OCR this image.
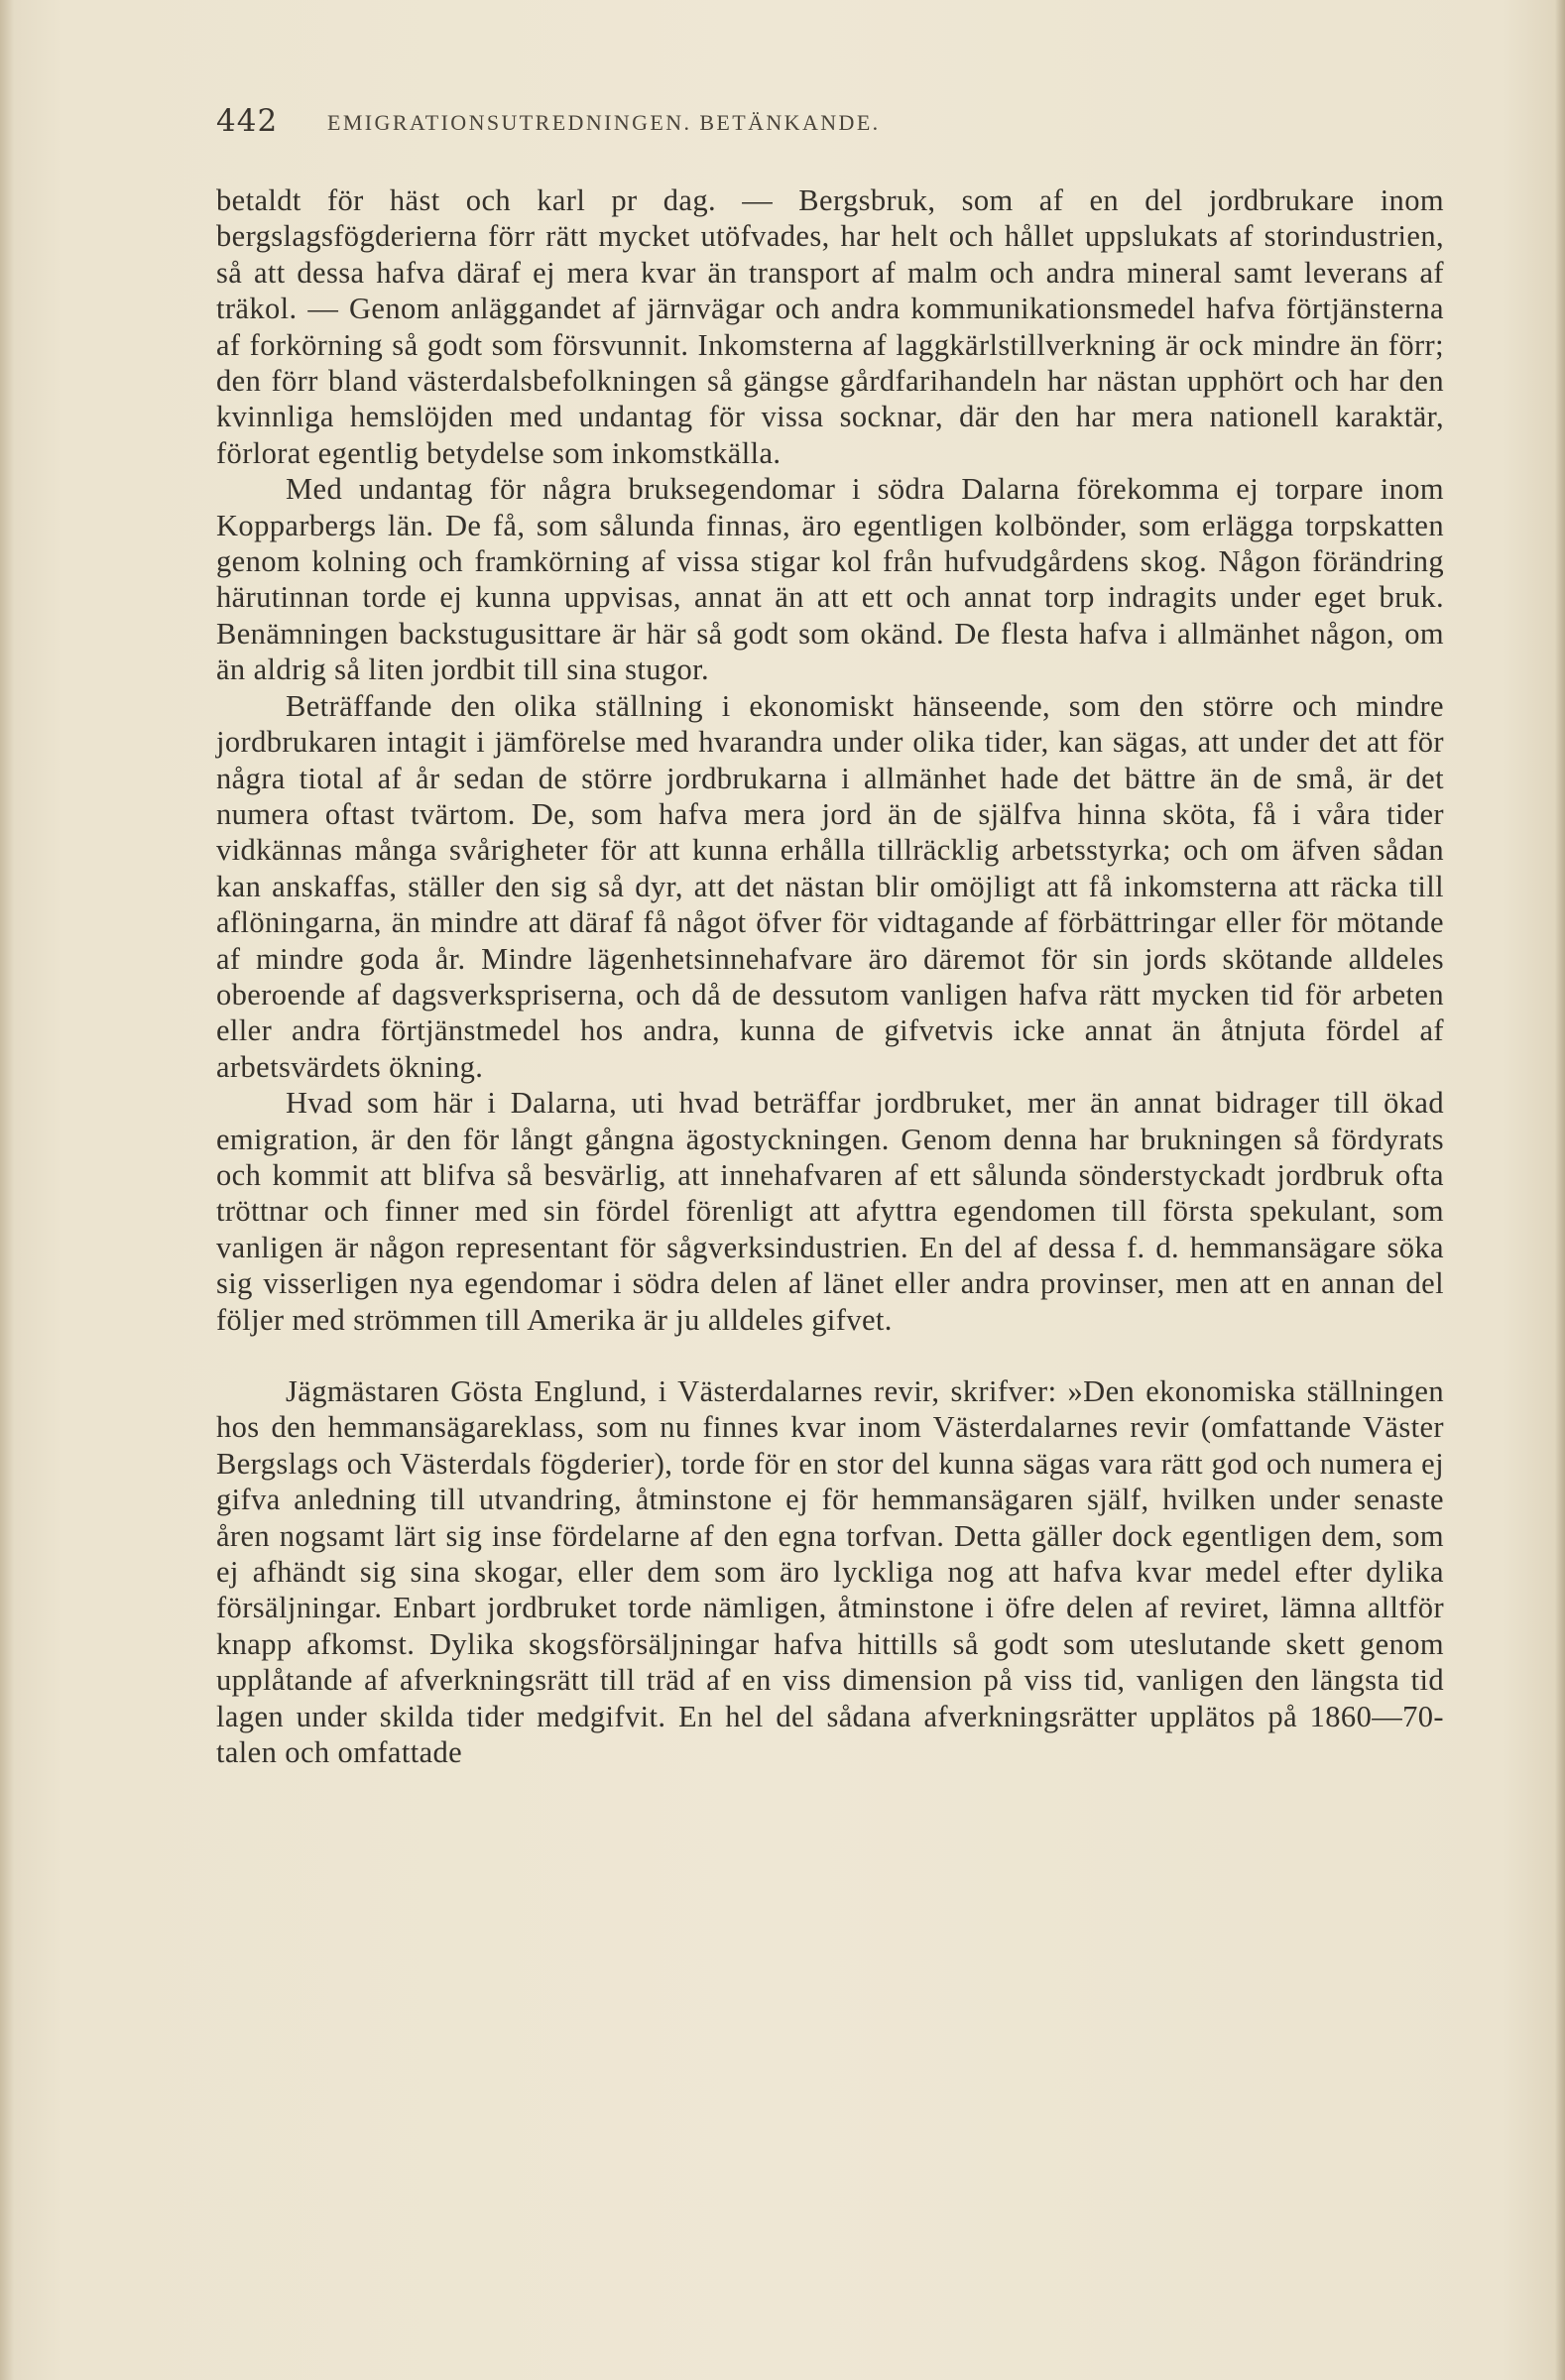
442 EMIGRATIONSUTREDNINGEN. BETÄNKANDE.

betaldt för häst och karl pr dag. — Bergsbruk, som af en del jordbrukare inom bergslagsfögderierna förr rätt mycket utöfvades, har helt och hållet uppslukats af storindustrien, så att dessa hafva däraf ej mera kvar än transport af malm och andra mineral samt leverans af träkol. — Genom anläggandet af järnvägar och andra kommunikationsmedel hafva förtjänsterna af forkörning så godt som försvunnit. Inkomsterna af laggkärlstillverkning är ock mindre än förr; den förr bland västerdalsbefolkningen så gängse gårdfarihandeln har nästan upphört och har den kvinnliga hemslöjden med undantag för vissa socknar, där den har mera nationell karaktär, förlorat egentlig betydelse som inkomstkälla.

Med undantag för några bruksegendomar i södra Dalarna förekomma ej torpare inom Kopparbergs län. De få, som sålunda finnas, äro egentligen kolbönder, som erlägga torpskatten genom kolning och framkörning af vissa stigar kol från hufvudgårdens skog. Någon förändring härutinnan torde ej kunna uppvisas, annat än att ett och annat torp indragits under eget bruk. Benämningen backstugusittare är här så godt som okänd. De flesta hafva i allmänhet någon, om än aldrig så liten jordbit till sina stugor.

Beträffande den olika ställning i ekonomiskt hänseende, som den större och mindre jordbrukaren intagit i jämförelse med hvarandra under olika tider, kan sägas, att under det att för några tiotal af år sedan de större jordbrukarna i allmänhet hade det bättre än de små, är det numera oftast tvärtom. De, som hafva mera jord än de själfva hinna sköta, få i våra tider vidkännas många svårigheter för att kunna erhålla tillräcklig arbetsstyrka; och om äfven sådan kan anskaffas, ställer den sig så dyr, att det nästan blir omöjligt att få inkomsterna att räcka till aflöningarna, än mindre att däraf få något öfver för vidtagande af förbättringar eller för mötande af mindre goda år. Mindre lägenhetsinnehafvare äro däremot för sin jords skötande alldeles oberoende af dagsverkspriserna, och då de dessutom vanligen hafva rätt mycken tid för arbeten eller andra förtjänstmedel hos andra, kunna de gifvetvis icke annat än åtnjuta fördel af arbetsvärdets ökning.

Hvad som här i Dalarna, uti hvad beträffar jordbruket, mer än annat bidrager till ökad emigration, är den för långt gångna ägostyckningen. Genom denna har brukningen så fördyrats och kommit att blifva så besvärlig, att innehafvaren af ett sålunda sönderstyckadt jordbruk ofta tröttnar och finner med sin fördel förenligt att afyttra egendomen till första spekulant, som vanligen är någon representant för sågverksindustrien. En del af dessa f. d. hemmansägare söka sig visserligen nya egendomar i södra delen af länet eller andra provinser, men att en annan del följer med strömmen till Amerika är ju alldeles gifvet.

Jägmästaren Gösta Englund, i Västerdalarnes revir, skrifver: »Den ekonomiska ställningen hos den hemmansägareklass, som nu finnes kvar inom Västerdalarnes revir (omfattande Väster Bergslags och Västerdals fögderier), torde för en stor del kunna sägas vara rätt god och numera ej gifva anledning till utvandring, åtminstone ej för hemmansägaren själf, hvilken under senaste åren nogsamt lärt sig inse fördelarne af den egna torfvan. Detta gäller dock egentligen dem, som ej afhändt sig sina skogar, eller dem som äro lyckliga nog att hafva kvar medel efter dylika försäljningar. Enbart jordbruket torde nämligen, åtminstone i öfre delen af reviret, lämna alltför knapp afkomst. Dylika skogsförsäljningar hafva hittills så godt som uteslutande skett genom upplåtande af afverkningsrätt till träd af en viss dimension på viss tid, vanligen den längsta tid lagen under skilda tider medgifvit. En hel del sådana afverkningsrätter upplätos på 1860—70-talen och omfattade
